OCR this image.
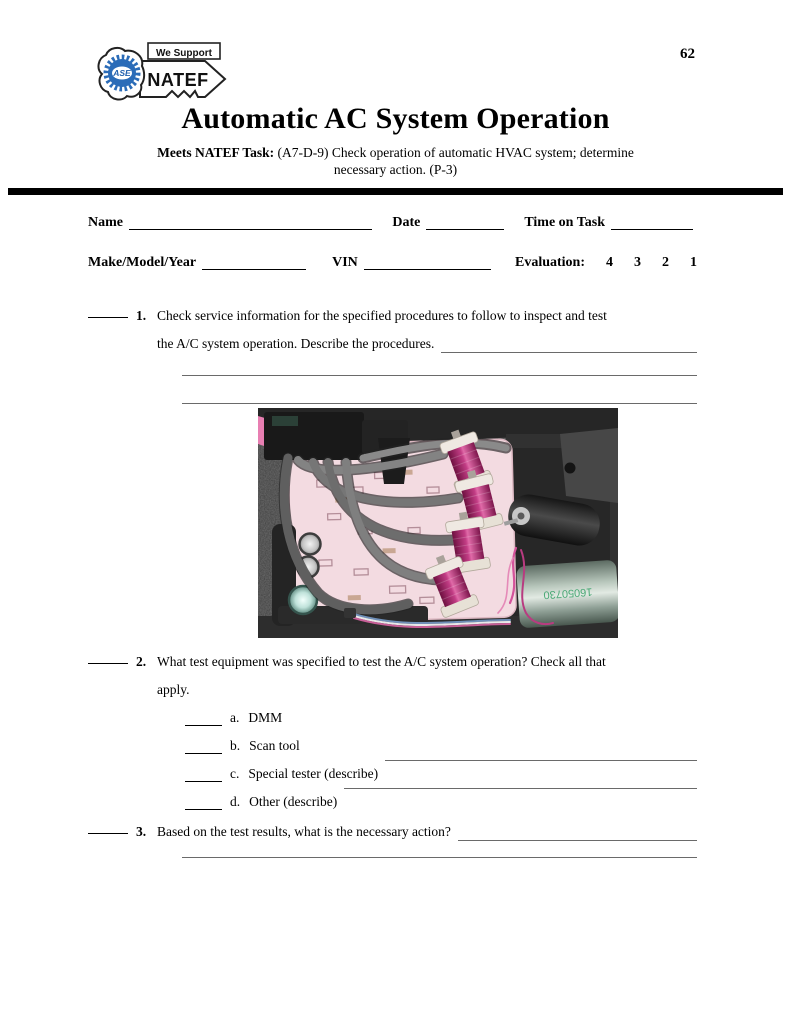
ASE
We Support
NATEF
62
Automatic AC System Operation
Meets NATEF Task: (A7-D-9) Check operation of automatic HVAC system; determine
necessary action. (P-3)
Name	Date	Time on Task
Make/Model/Year	VIN	Evaluation: 4 3 2 1
1. Check service information for the specified procedures to follow to inspect and test
the A/C system operation. Describe the procedures.
16050730
2. What test equipment was specified to test the A/C system operation? Check all that
apply.
a. DMM
b. Scan tool
c. Special tester (describe)
d. Other (describe)
3. Based on the test results, what is the necessary action?
